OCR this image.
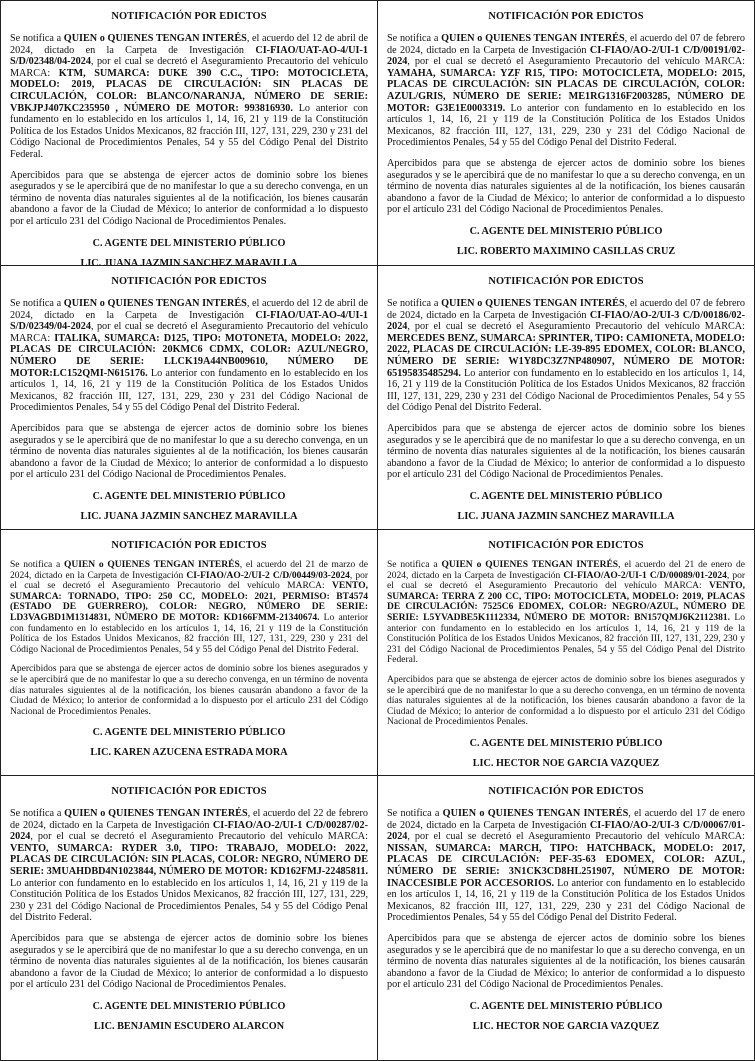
NOTIFICACIÓN POR EDICTOS

Se notifica a QUIEN o QUIENES TENGAN INTERÉS, el acuerdo del 12 de abril de 2024, dictado en la Carpeta de Investigación CI-FIAO/UAT-AO-4/UI-1 S/D/02348/04-2024, por el cual se decretó el Aseguramiento Precautorio del vehículo MARCA: KTM, SUMARCA: DUKE 390 C.C., TIPO: MOTOCICLETA, MODELO: 2019, PLACAS DE CIRCULACIÓN: SIN PLACAS DE CIRCULACIÓN, COLOR: BLANCO/NARANJA, NÚMERO DE SERIE: VBKJPJ407KC235950 , NÚMERO DE MOTOR: 993816930. Lo anterior con fundamento en lo establecido en los artículos 1, 14, 16, 21 y 119 de la Constitución Política de los Estados Unidos Mexicanos, 82 fracción III, 127, 131, 229, 230 y 231 del Código Nacional de Procedimientos Penales, 54 y 55 del Código Penal del Distrito Federal.

Apercibidos para que se abstenga de ejercer actos de dominio sobre los bienes asegurados y se le apercibirá que de no manifestar lo que a su derecho convenga, en un término de noventa días naturales siguientes al de la notificación, los bienes causarán abandono a favor de la Ciudad de México; lo anterior de conformidad a lo dispuesto por el artículo 231 del Código Nacional de Procedimientos Penales.

C. AGENTE DEL MINISTERIO PÚBLICO
LIC. JUANA JAZMIN SANCHEZ MARAVILLA
NOTIFICACIÓN POR EDICTOS

Se notifica a QUIEN o QUIENES TENGAN INTERÉS, el acuerdo del 07 de febrero de 2024, dictado en la Carpeta de Investigación CI-FIAO/AO-2/UI-1 C/D/00191/02-2024, por el cual se decretó el Aseguramiento Precautorio del vehículo MARCA: YAMAHA, SUMARCA: YZF R15, TIPO: MOTOCICLETA, MODELO: 2015, PLACAS DE CIRCULACIÓN: SIN PLACAS DE CIRCULACIÓN, COLOR: AZUL/GRIS, NÚMERO DE SERIE: ME1RG1316F2003285, NÚMERO DE MOTOR: G3E1E0003319. Lo anterior con fundamento en lo establecido en los artículos 1, 14, 16, 21 y 119 de la Constitución Política de los Estados Unidos Mexicanos, 82 fracción III, 127, 131, 229, 230 y 231 del Código Nacional de Procedimientos Penales, 54 y 55 del Código Penal del Distrito Federal.

Apercibidos para que se abstenga de ejercer actos de dominio sobre los bienes asegurados y se le apercibirá que de no manifestar lo que a su derecho convenga, en un término de noventa días naturales siguientes al de la notificación, los bienes causarán abandono a favor de la Ciudad de México; lo anterior de conformidad a lo dispuesto por el artículo 231 del Código Nacional de Procedimientos Penales.

C. AGENTE DEL MINISTERIO PÚBLICO
LIC. ROBERTO MAXIMINO CASILLAS CRUZ
NOTIFICACIÓN POR EDICTOS

Se notifica a QUIEN o QUIENES TENGAN INTERÉS, el acuerdo del 12 de abril de 2024, dictado en la Carpeta de Investigación CI-FIAO/UAT-AO-4/UI-1 S/D/02349/04-2024, por el cual se decretó el Aseguramiento Precautorio del vehículo MARCA: ITALIKA, SUMARCA: D125, TIPO: MOTONETA, MODELO: 2022, PLACAS DE CIRCULACIÓN: 20KMC6 CDMX, COLOR: AZUL/NEGRO, NÚMERO DE SERIE: LLCK19A44NB009610, NÚMERO DE MOTOR:LC152QMI-N615176. Lo anterior con fundamento en lo establecido en los artículos 1, 14, 16, 21 y 119 de la Constitución Política de los Estados Unidos Mexicanos, 82 fracción III, 127, 131, 229, 230 y 231 del Código Nacional de Procedimientos Penales, 54 y 55 del Código Penal del Distrito Federal.

Apercibidos para que se abstenga de ejercer actos de dominio sobre los bienes asegurados y se le apercibirá que de no manifestar lo que a su derecho convenga, en un término de noventa días naturales siguientes al de la notificación, los bienes causarán abandono a favor de la Ciudad de México; lo anterior de conformidad a lo dispuesto por el artículo 231 del Código Nacional de Procedimientos Penales.

C. AGENTE DEL MINISTERIO PÚBLICO
LIC. JUANA JAZMIN SANCHEZ MARAVILLA
NOTIFICACIÓN POR EDICTOS

Se notifica a QUIEN o QUIENES TENGAN INTERÉS, el acuerdo del 07 de febrero de 2024, dictado en la Carpeta de Investigación CI-FIAO/AO-2/UI-3 C/D/00186/02-2024, por el cual se decretó el Aseguramiento Precautorio del vehículo MARCA: MERCEDES BENZ, SUMARCA: SPRINTER, TIPO: CAMIONETA, MODELO: 2022, PLACAS DE CIRCULACIÓN: LE-39-895 EDOMEX, COLOR: BLANCO, NÚMERO DE SERIE: W1Y8DC3Z7NP480907, NÚMERO DE MOTOR: 65195835485294. Lo anterior con fundamento en lo establecido en los artículos 1, 14, 16, 21 y 119 de la Constitución Política de los Estados Unidos Mexicanos, 82 fracción III, 127, 131, 229, 230 y 231 del Código Nacional de Procedimientos Penales, 54 y 55 del Código Penal del Distrito Federal.

Apercibidos para que se abstenga de ejercer actos de dominio sobre los bienes asegurados y se le apercibirá que de no manifestar lo que a su derecho convenga, en un término de noventa días naturales siguientes al de la notificación, los bienes causarán abandono a favor de la Ciudad de México; lo anterior de conformidad a lo dispuesto por el artículo 231 del Código Nacional de Procedimientos Penales.

C. AGENTE DEL MINISTERIO PÚBLICO
LIC. JUANA JAZMIN SANCHEZ MARAVILLA
NOTIFICACIÓN POR EDICTOS

Se notifica a QUIEN o QUIENES TENGAN INTERÉS, el acuerdo del 21 de marzo de 2024, dictado en la Carpeta de Investigación CI-FIAO/AO-2/UI-2 C/D/00449/03-2024, por el cual se decretó el Aseguramiento Precautorio del vehículo MARCA: VENTO, SUMARCA: TORNADO, TIPO: 250 CC, MODELO: 2021, PERMISO: BT4574 (ESTADO DE GUERRERO), COLOR: NEGRO, NÚMERO DE SERIE: LD3VAGBD1M1314831, NÚMERO DE MOTOR: KD166FMM-21340674. Lo anterior con fundamento en lo establecido en los artículos 1, 14, 16, 21 y 119 de la Constitución Política de los Estados Unidos Mexicanos, 82 fracción III, 127, 131, 229, 230 y 231 del Código Nacional de Procedimientos Penales, 54 y 55 del Código Penal del Distrito Federal.

Apercibidos para que se abstenga de ejercer actos de dominio sobre los bienes asegurados y se le apercibirá que de no manifestar lo que a su derecho convenga, en un término de noventa días naturales siguientes al de la notificación, los bienes causarán abandono a favor de la Ciudad de México; lo anterior de conformidad a lo dispuesto por el artículo 231 del Código Nacional de Procedimientos Penales.

C. AGENTE DEL MINISTERIO PÚBLICO
LIC. KAREN AZUCENA ESTRADA MORA
NOTIFICACIÓN POR EDICTOS

Se notifica a QUIEN o QUIENES TENGAN INTERÉS, el acuerdo del 21 de enero de 2024, dictado en la Carpeta de Investigación CI-FIAO/AO-2/UI-1 C/D/00089/01-2024, por el cual se decretó el Aseguramiento Precautorio del vehículo MARCA: VENTO, SUMARCA: TERRA Z 200 CC, TIPO: MOTOCICLETA, MODELO: 2019, PLACAS DE CIRCULACIÓN: 7525C6 EDOMEX, COLOR: NEGRO/AZUL, NÚMERO DE SERIE: L5YVADBE5K1112334, NÚMERO DE MOTOR: BN157QMJ6K2112381. Lo anterior con fundamento en lo establecido en los artículos 1, 14, 16, 21 y 119 de la Constitución Política de los Estados Unidos Mexicanos, 82 fracción III, 127, 131, 229, 230 y 231 del Código Nacional de Procedimientos Penales, 54 y 55 del Código Penal del Distrito Federal.

Apercibidos para que se abstenga de ejercer actos de dominio sobre los bienes asegurados y se le apercibirá que de no manifestar lo que a su derecho convenga, en un término de noventa días naturales siguientes al de la notificación, los bienes causarán abandono a favor de la Ciudad de México; lo anterior de conformidad a lo dispuesto por el artículo 231 del Código Nacional de Procedimientos Penales.

C. AGENTE DEL MINISTERIO PÚBLICO
LIC. HECTOR NOE GARCIA VAZQUEZ
NOTIFICACIÓN POR EDICTOS

Se notifica a QUIEN o QUIENES TENGAN INTERÉS, el acuerdo del 22 de febrero de 2024, dictado en la Carpeta de Investigación CI-FIAO/AO-2/UI-1 C/D/00287/02-2024, por el cual se decretó el Aseguramiento Precautorio del vehículo MARCA: VENTO, SUMARCA: RYDER 3.0, TIPO: TRABAJO, MODELO: 2022, PLACAS DE CIRCULACIÓN: SIN PLACAS, COLOR: NEGRO, NÚMERO DE SERIE: 3MUAHDBD4N1023844, NÚMERO DE MOTOR: KD162FMJ-22485811. Lo anterior con fundamento en lo establecido en los artículos 1, 14, 16, 21 y 119 de la Constitución Política de los Estados Unidos Mexicanos, 82 fracción III, 127, 131, 229, 230 y 231 del Código Nacional de Procedimientos Penales, 54 y 55 del Código Penal del Distrito Federal.

Apercibidos para que se abstenga de ejercer actos de dominio sobre los bienes asegurados y se le apercibirá que de no manifestar lo que a su derecho convenga, en un término de noventa días naturales siguientes al de la notificación, los bienes causarán abandono a favor de la Ciudad de México; lo anterior de conformidad a lo dispuesto por el artículo 231 del Código Nacional de Procedimientos Penales.

C. AGENTE DEL MINISTERIO PÚBLICO
LIC. BENJAMIN ESCUDERO ALARCON
NOTIFICACIÓN POR EDICTOS

Se notifica a QUIEN o QUIENES TENGAN INTERÉS, el acuerdo del 17 de enero de 2024, dictado en la Carpeta de Investigación CI-FIAO/AO-2/UI-3 C/D/00067/01-2024, por el cual se decretó el Aseguramiento Precautorio del vehículo MARCA: NISSAN, SUMARCA: MARCH, TIPO: HATCHBACK, MODELO: 2017, PLACAS DE CIRCULACIÓN: PEF-35-63 EDOMEX, COLOR: AZUL, NÚMERO DE SERIE: 3N1CK3CD8HL251907, NÚMERO DE MOTOR: INACCESIBLE POR ACCESORIOS. Lo anterior con fundamento en lo establecido en los artículos 1, 14, 16, 21 y 119 de la Constitución Política de los Estados Unidos Mexicanos, 82 fracción III, 127, 131, 229, 230 y 231 del Código Nacional de Procedimientos Penales, 54 y 55 del Código Penal del Distrito Federal.

Apercibidos para que se abstenga de ejercer actos de dominio sobre los bienes asegurados y se le apercibirá que de no manifestar lo que a su derecho convenga, en un término de noventa días naturales siguientes al de la notificación, los bienes causarán abandono a favor de la Ciudad de México; lo anterior de conformidad a lo dispuesto por el artículo 231 del Código Nacional de Procedimientos Penales.

C. AGENTE DEL MINISTERIO PÚBLICO
LIC. HECTOR NOE GARCIA VAZQUEZ
